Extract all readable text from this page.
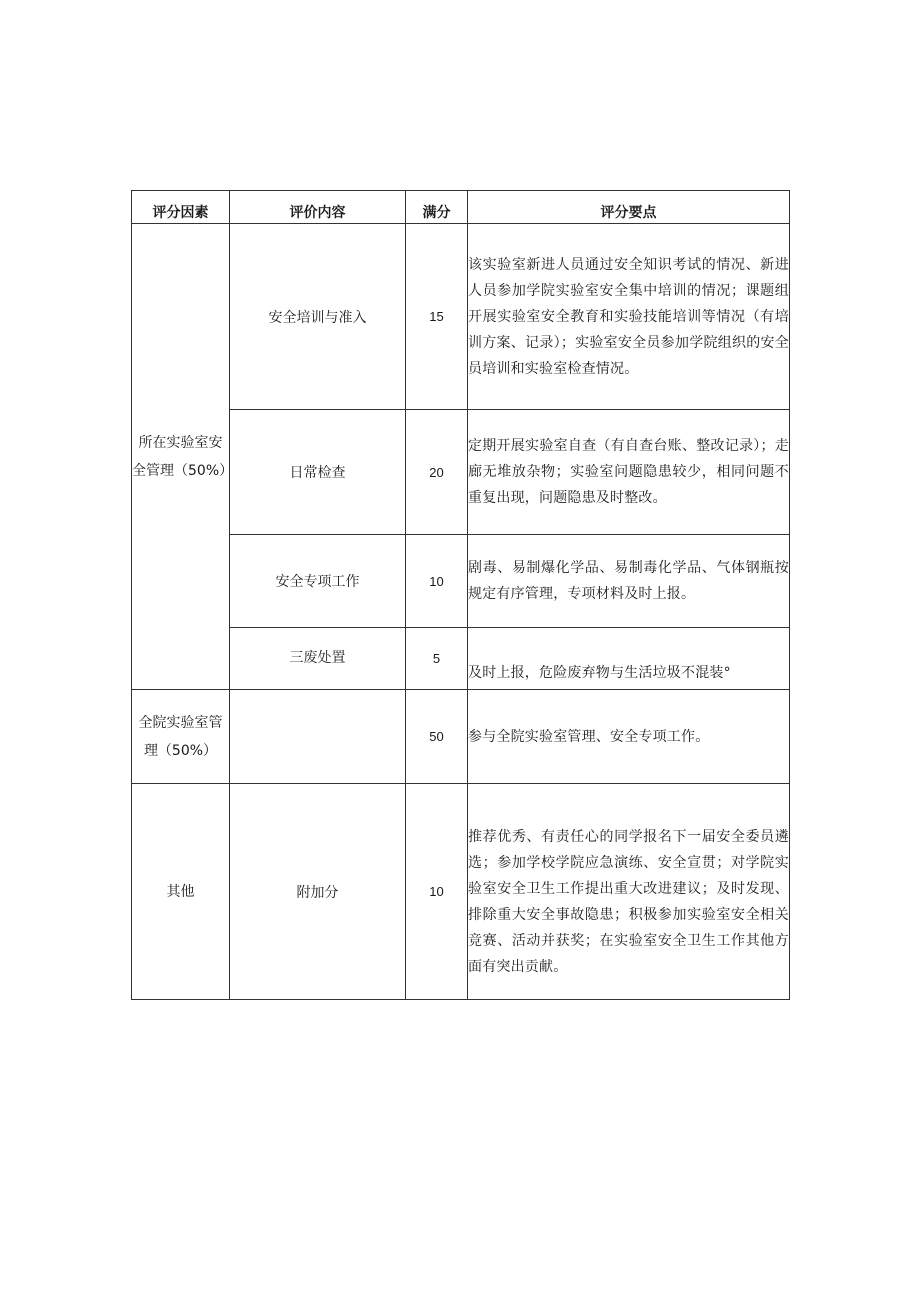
评分因素	评价内容	满分	评分要点
所在实验室安全管理（50%）	安全培训与准入	15	该实验室新进人员通过安全知识考试的情况、新进人员参加学院实验室安全集中培训的情况；课题组开展实验室安全教育和实验技能培训等情况（有培训方案、记录）；实验室安全员参加学院组织的安全员培训和实验室检查情况。
	日常检查	20	定期开展实验室自查（有自查台账、整改记录）；走廊无堆放杂物；实验室问题隐患较少，相同问题不重复出现，问题隐患及时整改。
	安全专项工作	10	剧毒、易制爆化学品、易制毒化学品、气体钢瓶按规定有序管理，专项材料及时上报。
	三废处置	5	及时上报，危险废弃物与生活垃圾不混装°
全院实验室管理（50%）		50	参与全院实验室管理、安全专项工作。
其他	附加分	10	推荐优秀、有责任心的同学报名下一届安全委员遴选；参加学校学院应急演练、安全宣贯；对学院实验室安全卫生工作提出重大改进建议；及时发现、排除重大安全事故隐患；积极参加实验室安全相关竞赛、活动并获奖；在实验室安全卫生工作其他方面有突出贡献。
